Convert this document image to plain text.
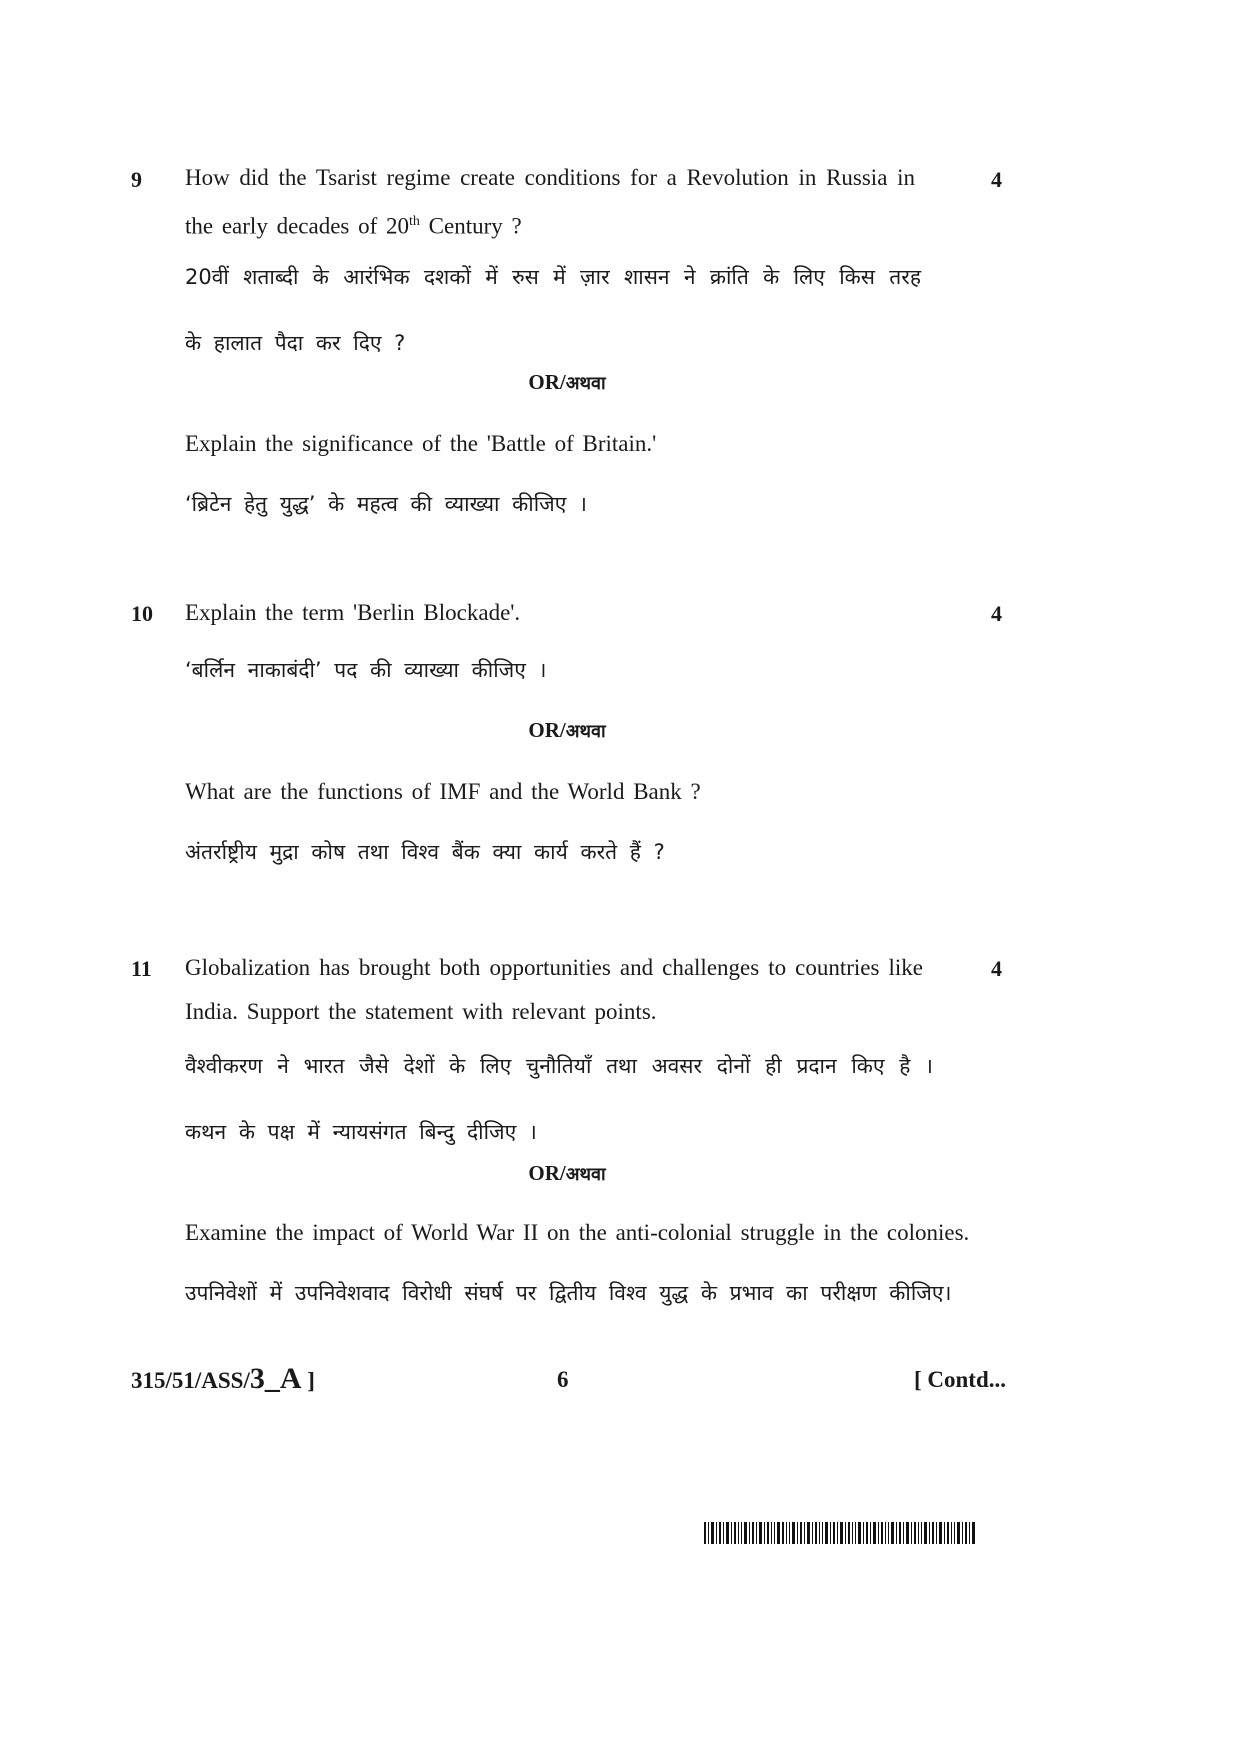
9	4
How did the Tsarist regime create conditions for a Revolution in Russia in the early decades of 20th Century ?
20वीं शताब्दी के आरंभिक दशकों में रुस में ज़ार शासन ने क्रांति के लिए किस तरह के हालात पैदा कर दिए ?
OR/अथवा
Explain the significance of the 'Battle of Britain.'
‘ब्रिटेन हेतु युद्ध’ के महत्व की व्याख्या कीजिए ।
10	4
Explain the term 'Berlin Blockade'.
‘बर्लिन नाकाबंदी’ पद की व्याख्या कीजिए ।
OR/अथवा
What are the functions of IMF and the World Bank ?
अंतर्राष्ट्रीय मुद्रा कोष तथा विश्व बैंक क्या कार्य करते हैं ?
11	4
Globalization has brought both opportunities and challenges to countries like India. Support the statement with relevant points.
वैश्वीकरण ने भारत जैसे देशों के लिए चुनौतियाँ तथा अवसर दोनों ही प्रदान किए है । कथन के पक्ष में न्यायसंगत बिन्दु दीजिए ।
OR/अथवा
Examine the impact of World War II on the anti-colonial struggle in the colonies.
उपनिवेशों में उपनिवेशवाद विरोधी संघर्ष पर द्वितीय विश्व युद्ध के प्रभाव का परीक्षण कीजिए।
315/51/ASS/3_A ]	6	[ Contd...
